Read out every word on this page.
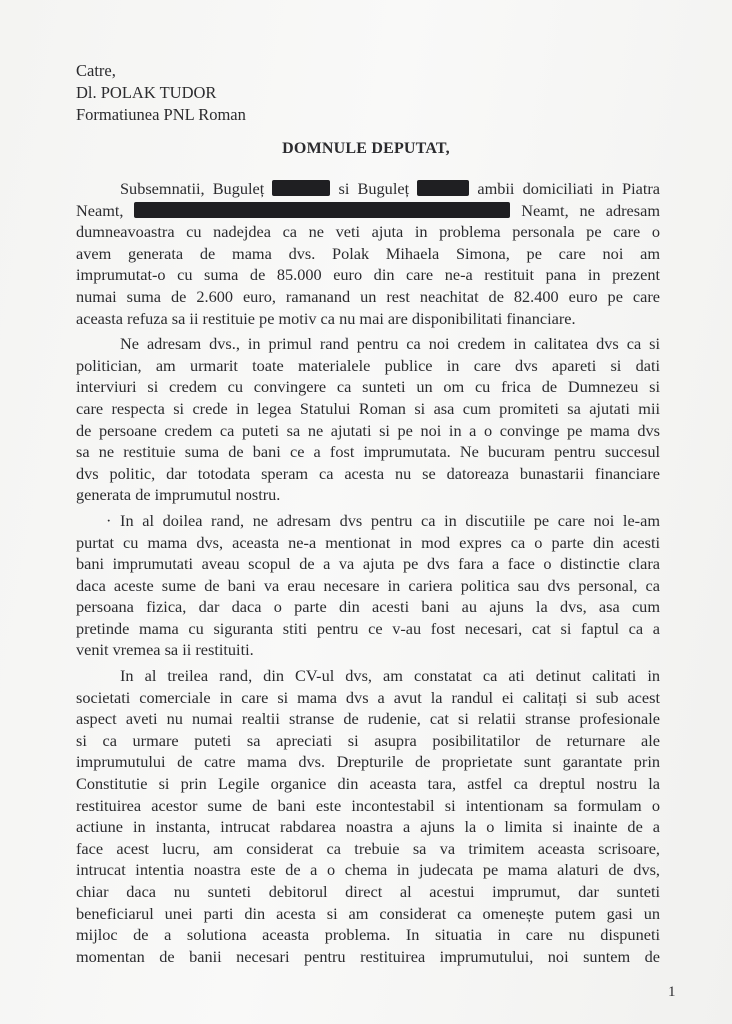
Catre,
Dl. POLAK TUDOR
Formatiunea PNL Roman
DOMNULE DEPUTAT,

Subsemnatii, Buguleț	si Buguleț	ambii domiciliati in Piatra
Neamt,	Neamt, ne adresam
dumneavoastra cu nadejdea ca ne veti ajuta in problema personala pe care o
avem generata de mama dvs. Polak Mihaela Simona, pe care noi am
imprumutat-o cu suma de 85.000 euro din care ne-a restituit pana in prezent
numai suma de 2.600 euro, ramanand un rest neachitat de 82.400 euro pe care
aceasta refuza sa ii restituie pe motiv ca nu mai are disponibilitati financiare.

Ne adresam dvs., in primul rand pentru ca noi credem in calitatea dvs ca si
politician, am urmarit toate materialele publice in care dvs apareti si dati
interviuri si credem cu convingere ca sunteti un om cu frica de Dumnezeu si
care respecta si crede in legea Statului Roman si asa cum promiteti sa ajutati mii
de persoane credem ca puteti sa ne ajutati si pe noi in a o convinge pe mama dvs
sa ne restituie suma de bani ce a fost imprumutata. Ne bucuram pentru succesul
dvs politic, dar totodata speram ca acesta nu se datoreaza bunastarii financiare
generata de imprumutul nostru.

· In al doilea rand, ne adresam dvs pentru ca in discutiile pe care noi le-am
purtat cu mama dvs, aceasta ne-a mentionat in mod expres ca o parte din acesti
bani imprumutati aveau scopul de a va ajuta pe dvs fara a face o distinctie clara
daca aceste sume de bani va erau necesare in cariera politica sau dvs personal, ca
persoana fizica, dar daca o parte din acesti bani au ajuns la dvs, asa cum
pretinde mama cu siguranta stiti pentru ce v-au fost necesari, cat si faptul ca a
venit vremea sa ii restituiti.

In al treilea rand, din CV-ul dvs, am constatat ca ati detinut calitati in
societati comerciale in care si mama dvs a avut la randul ei calitați si sub acest
aspect aveti nu numai realtii stranse de rudenie, cat si relatii stranse profesionale
si ca urmare puteti sa apreciati si asupra posibilitatilor de returnare ale
imprumutului de catre mama dvs. Drepturile de proprietate sunt garantate prin
Constitutie si prin Legile organice din aceasta tara, astfel ca dreptul nostru la
restituirea acestor sume de bani este incontestabil si intentionam sa formulam o
actiune in instanta, intrucat rabdarea noastra a ajuns la o limita si inainte de a
face acest lucru, am considerat ca trebuie sa va trimitem aceasta scrisoare,
intrucat intentia noastra este de a o chema in judecata pe mama alaturi de dvs,
chiar daca nu sunteti debitorul direct al acestui imprumut, dar sunteti
beneficiarul unei parti din acesta si am considerat ca omenește putem gasi un
mijloc de a solutiona aceasta problema. In situatia in care nu dispuneti
momentan de banii necesari pentru restituirea imprumutului, noi suntem de

1
